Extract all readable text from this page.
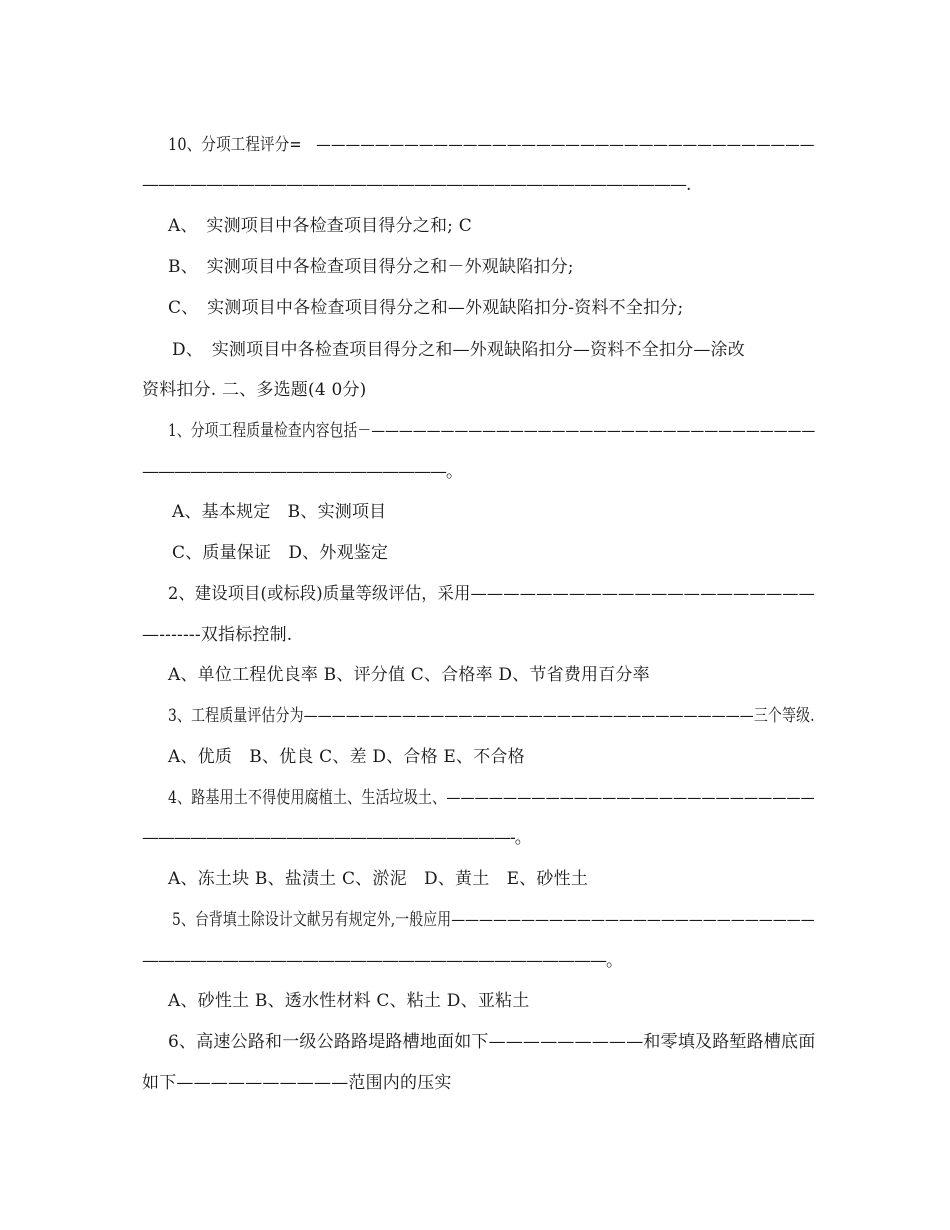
10、分项工程评分=　——————————————————————————————————
——————————————————————————————————.
A、　实测项目中各检查项目得分之和; C
B、　实测项目中各检查项目得分之和－外观缺陷扣分;
C、　实测项目中各检查项目得分之和—外观缺陷扣分-资料不全扣分;
D、　实测项目中各检查项目得分之和—外观缺陷扣分—资料不全扣分—涂改
资料扣分. 二、多选题(4 0分)
1、分项工程质量检查内容包括－————————————————————————————————
———————————————————。
A、基本规定　B、实测项目
C、质量保证　D、外观鉴定
2、建设项目(或标段)质量等级评估，采用—————————————————————
—-------双指标控制.
A、单位工程优良率 B、评分值 C、合格率 D、节省费用百分率
3、工程质量评估分为————————————————————————————————三个等级.
A、优质　B、优良 C、差 D、合格 E、不合格
4、路基用土不得使用腐植土、生活垃圾土、——————————————————————————
———————————————————————-。
A、冻土块 B、盐渍土 C、淤泥　D、黄土　E、砂性土
5、台背填土除设计文献另有规定外,一般应用——————————————————————————
—————————————————————————————。
A、砂性土 B、透水性材料 C、粘土 D、亚粘土
6、高速公路和一级公路路堤路槽地面如下—————————和零填及路堑路槽底面
如下——————————范围内的压实
